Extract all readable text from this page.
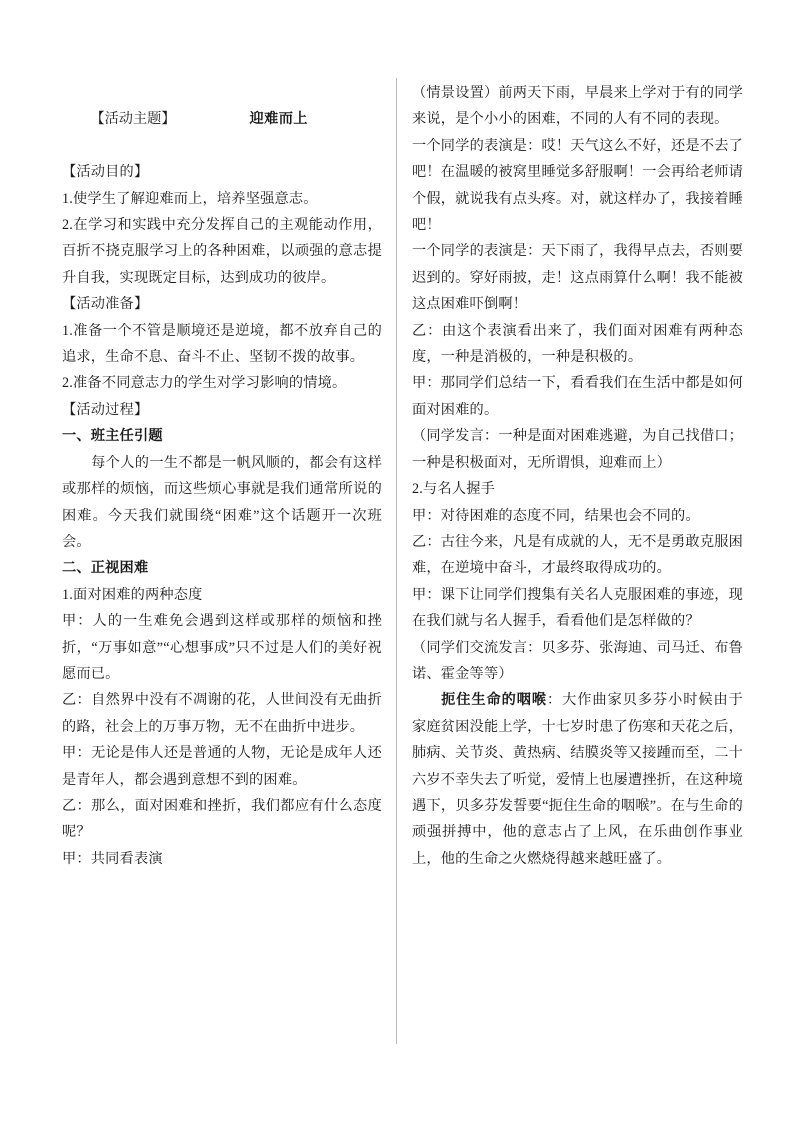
【活动主题】	迎难而上

【活动目的】

1.使学生了解迎难而上，培养坚强意志。

2.在学习和实践中充分发挥自己的主观能动作用，百折不挠克服学习上的各种困难，以顽强的意志提升自我，实现既定目标，达到成功的彼岸。

【活动准备】

1.准备一个不管是顺境还是逆境，都不放弃自己的追求，生命不息、奋斗不止、坚韧不拨的故事。

2.准备不同意志力的学生对学习影响的情境。

【活动过程】

一、班主任引题

每个人的一生不都是一帆风顺的，都会有这样或那样的烦恼，而这些烦心事就是我们通常所说的困难。今天我们就围绕“困难”这个话题开一次班会。

二、正视困难

1.面对困难的两种态度

甲：人的一生难免会遇到这样或那样的烦恼和挫折，“万事如意”“心想事成”只不过是人们的美好祝愿而已。

乙：自然界中没有不凋谢的花，人世间没有无曲折的路，社会上的万事万物，无不在曲折中进步。

甲：无论是伟人还是普通的人物，无论是成年人还是青年人，都会遇到意想不到的困难。

乙：那么，面对困难和挫折，我们都应有什么态度呢？

甲：共同看表演

（情景设置）前两天下雨，早晨来上学对于有的同学来说，是个小小的困难，不同的人有不同的表现。

一个同学的表演是：哎！天气这么不好，还是不去了吧！在温暖的被窝里睡觉多舒服啊！一会再给老师请个假，就说我有点头疼。对，就这样办了，我接着睡吧！

一个同学的表演是：天下雨了，我得早点去，否则要迟到的。穿好雨披，走！这点雨算什么啊！我不能被这点困难吓倒啊！

乙：由这个表演看出来了，我们面对困难有两种态度，一种是消极的，一种是积极的。

甲：那同学们总结一下，看看我们在生活中都是如何面对困难的。

（同学发言：一种是面对困难逃避，为自己找借口；一种是积极面对，无所谓惧，迎难而上）

2.与名人握手

甲：对待困难的态度不同，结果也会不同的。

乙：古往今来，凡是有成就的人，无不是勇敢克服困难，在逆境中奋斗，才最终取得成功的。

甲：课下让同学们搜集有关名人克服困难的事迹，现在我们就与名人握手，看看他们是怎样做的？

（同学们交流发言：贝多芬、张海迪、司马迁、布鲁诺、霍金等等）

扼住生命的咽喉：大作曲家贝多芬小时候由于家庭贫困没能上学，十七岁时患了伤寒和天花之后，肺病、关节炎、黄热病、结膜炎等又接踵而至，二十六岁不幸失去了听觉，爱情上也屡遭挫折，在这种境遇下，贝多芬发誓要“扼住生命的咽喉”。在与生命的顽强拼搏中，他的意志占了上风，在乐曲创作事业上，他的生命之火燃烧得越来越旺盛了。
